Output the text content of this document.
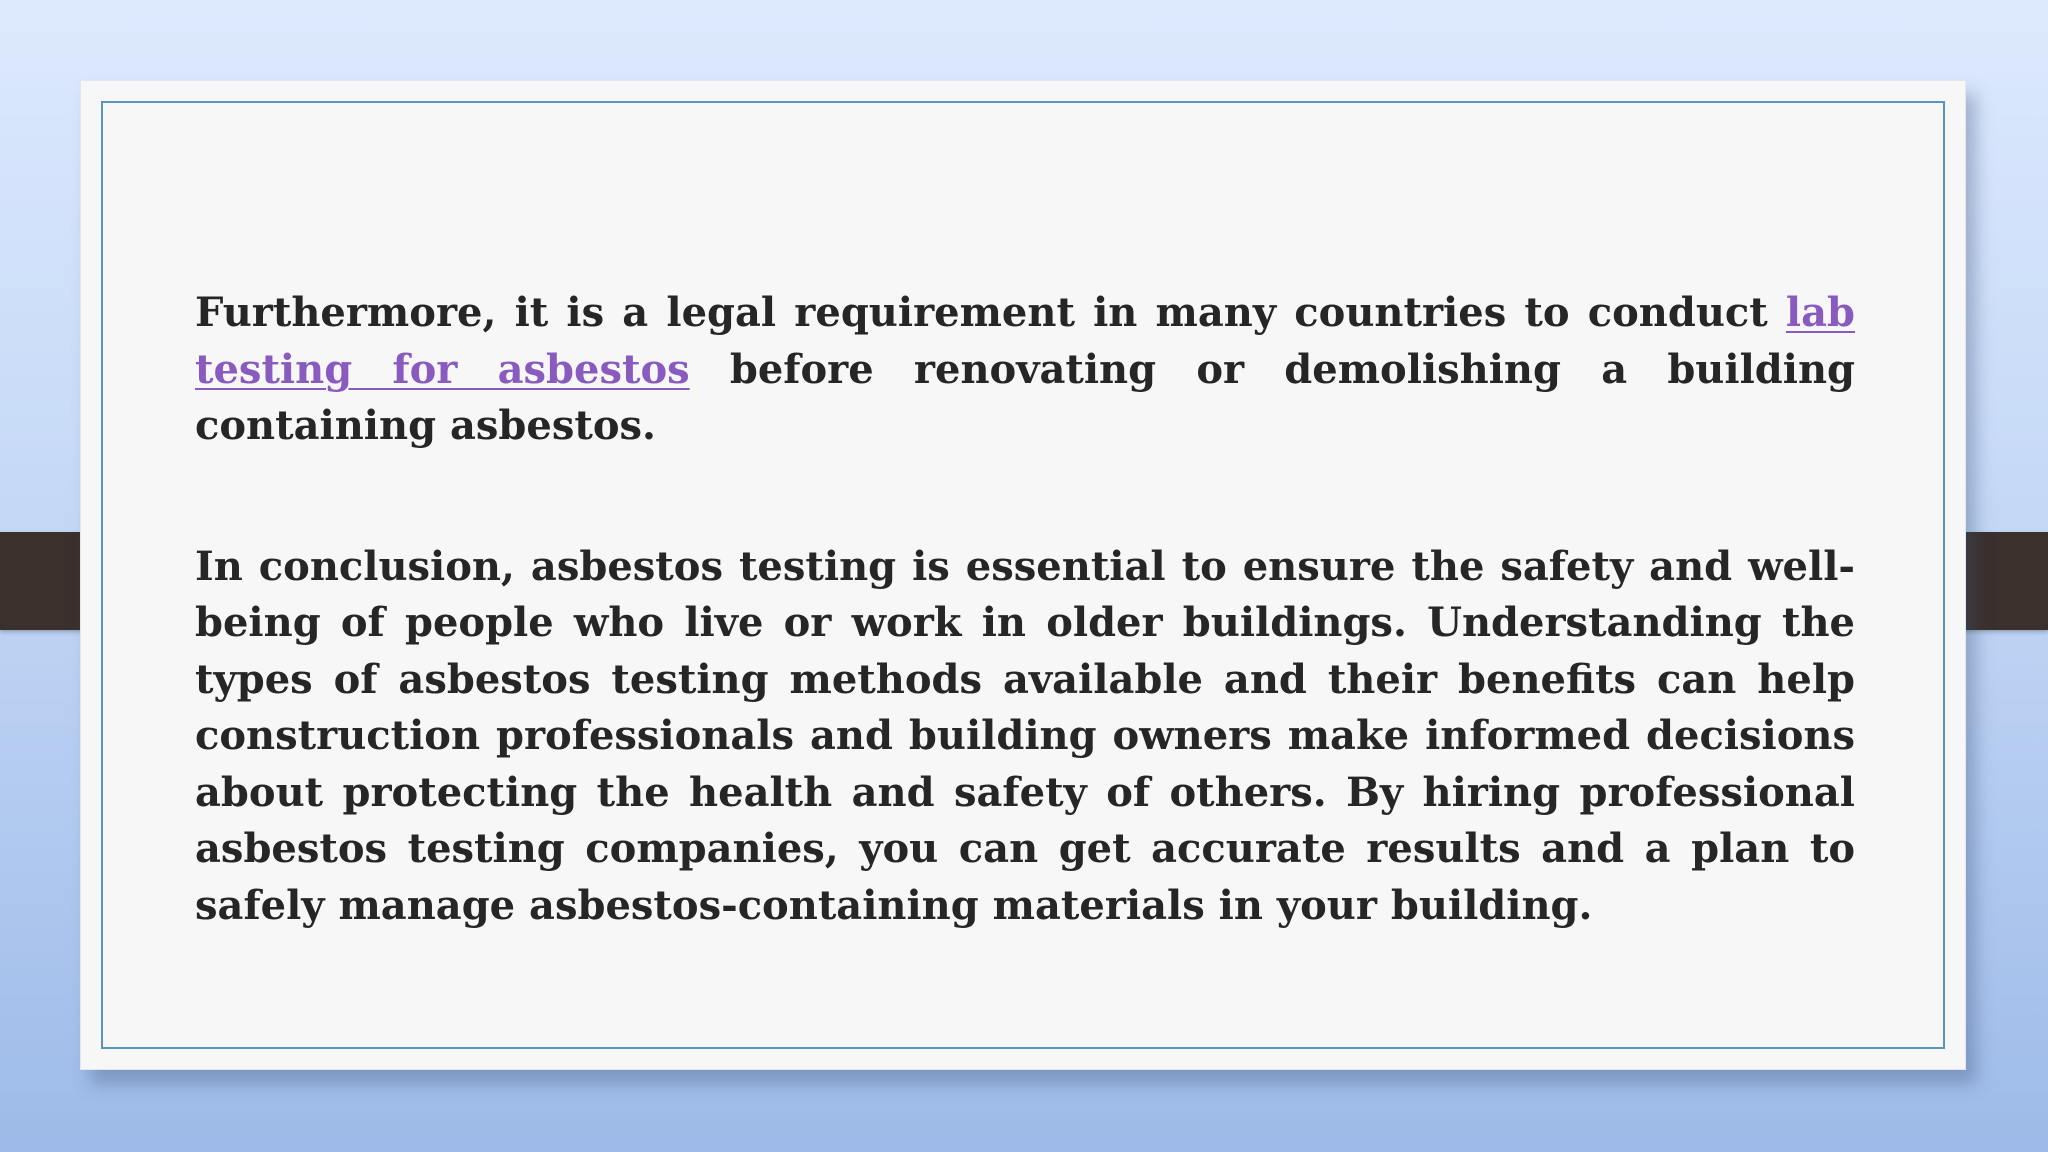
Furthermore, it is a legal requirement in many countries to conduct lab testing for asbestos before renovating or demolishing a building containing asbestos.

In conclusion, asbestos testing is essential to ensure the safety and well-being of people who live or work in older buildings. Understanding the types of asbestos testing methods available and their benefits can help construction professionals and building owners make informed decisions about protecting the health and safety of others. By hiring professional asbestos testing companies, you can get accurate results and a plan to safely manage asbestos-containing materials in your building.
